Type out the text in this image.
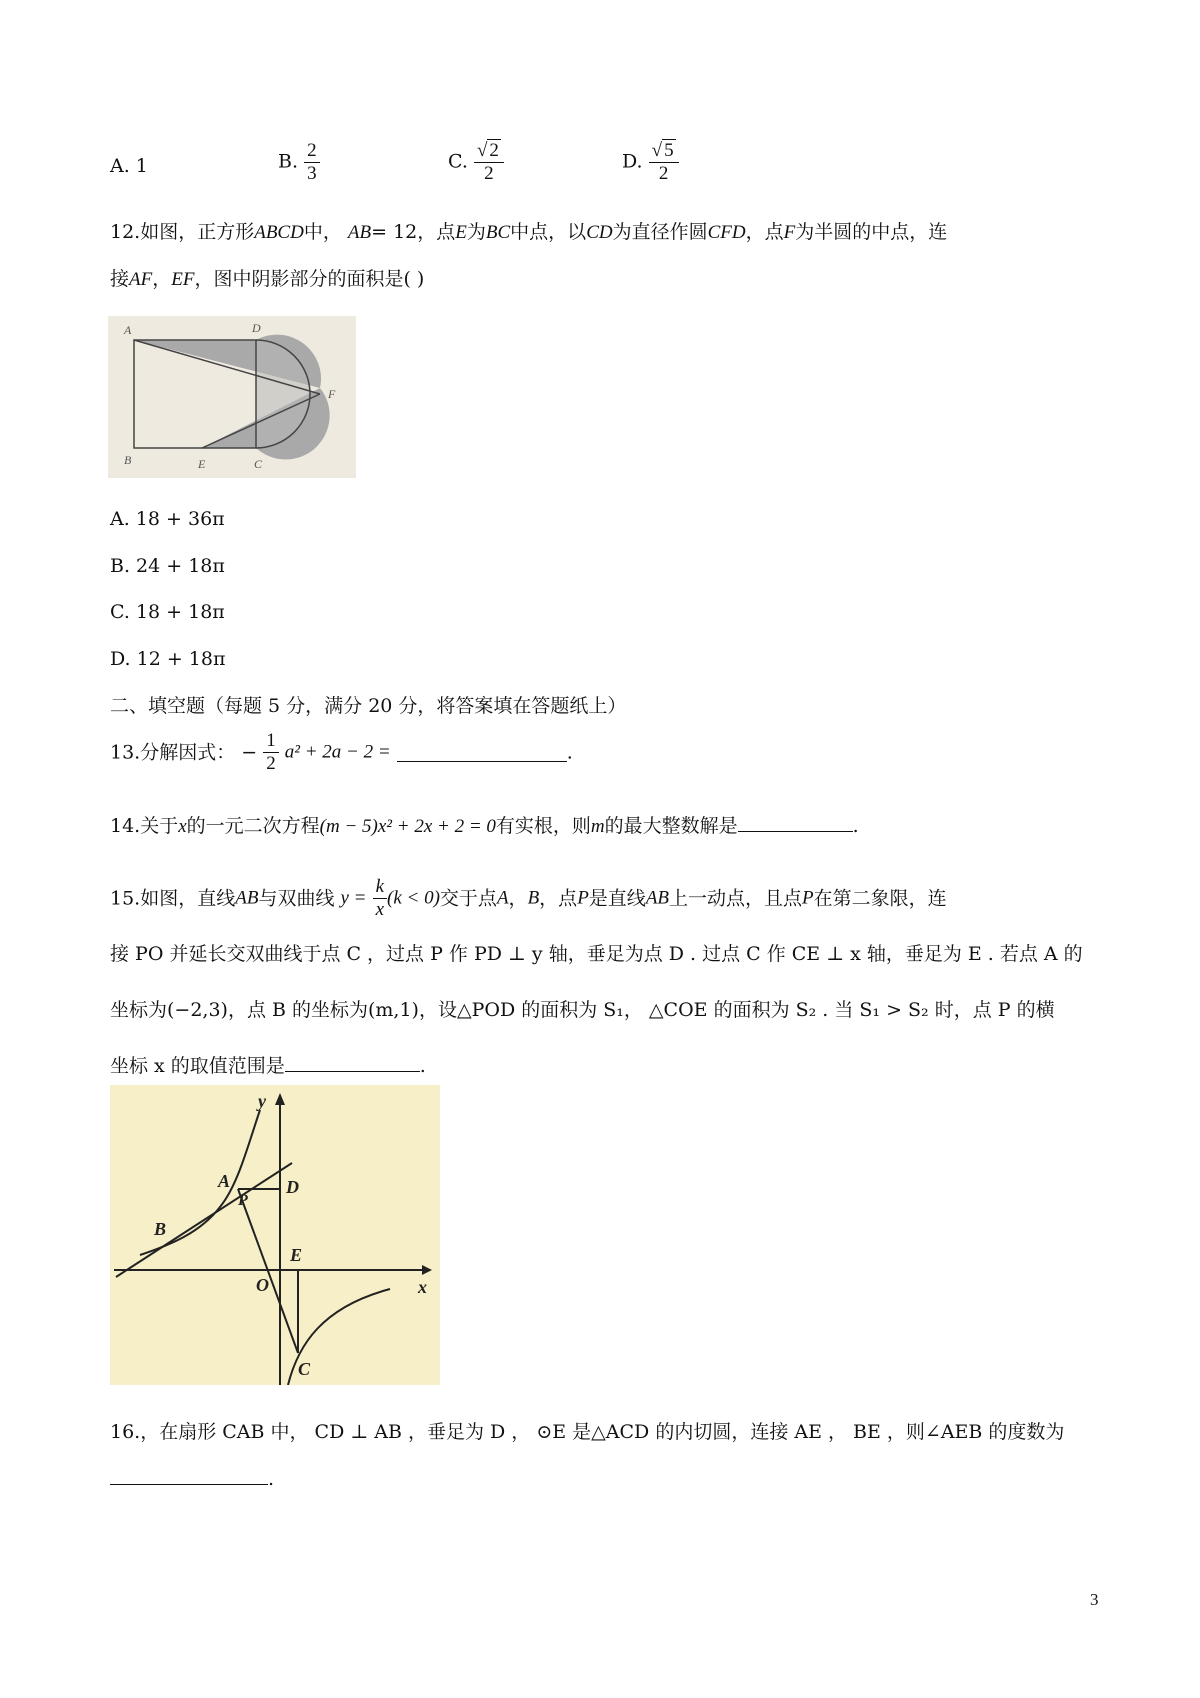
A. 1	B. $\frac{2}{3}$	C. $\frac{√ 2}{2}$	D. $\frac{√ 5}{2}$
12.如图，正方形ABCD中， AB= 12，点E为BC中点，以CD为直径作圆CFD，点F为半圆的中点，连
接AF，EF，图中阴影部分的面积是( )
A	D
F
B	E	C
A. 18 + 36π
B. 24 + 18π
C. 18 + 18π
D. 12 + 18π
二、填空题（每题 5 分，满分 20 分，将答案填在答题纸上）
13.分解因式： − $\frac{1}{2} a^2 + 2a - 2$ =	.
14.关于x的一元二次方程(m − 5)x² + 2x + 2 = 0有实根，则m的最大整数解是	.
15.如图，直线AB与双曲线 $y = \frac{k}{x} (k < 0)$交于点A，B，点P是直线AB上一动点，且点P在第二象限，连
接 PO 并延长交双曲线于点 C ，过点 P 作 PD ⊥ y 轴，垂足为点 D . 过点 C 作 CE ⊥ x 轴，垂足为 E . 若点 A 的
坐标为(−2,3)，点 B 的坐标为(m,1)，设△POD 的面积为 S₁， △COE 的面积为 S₂ . 当 S₁ > S₂ 时，点 P 的横
坐标 x 的取值范围是	.
y
A
P
D
B
E
O	x
C
16.，在扇形 CAB 中， CD ⊥ AB ，垂足为 D ， ⊙E 是△ACD 的内切圆，连接 AE ， BE ，则∠AEB 的度数为
.
3
